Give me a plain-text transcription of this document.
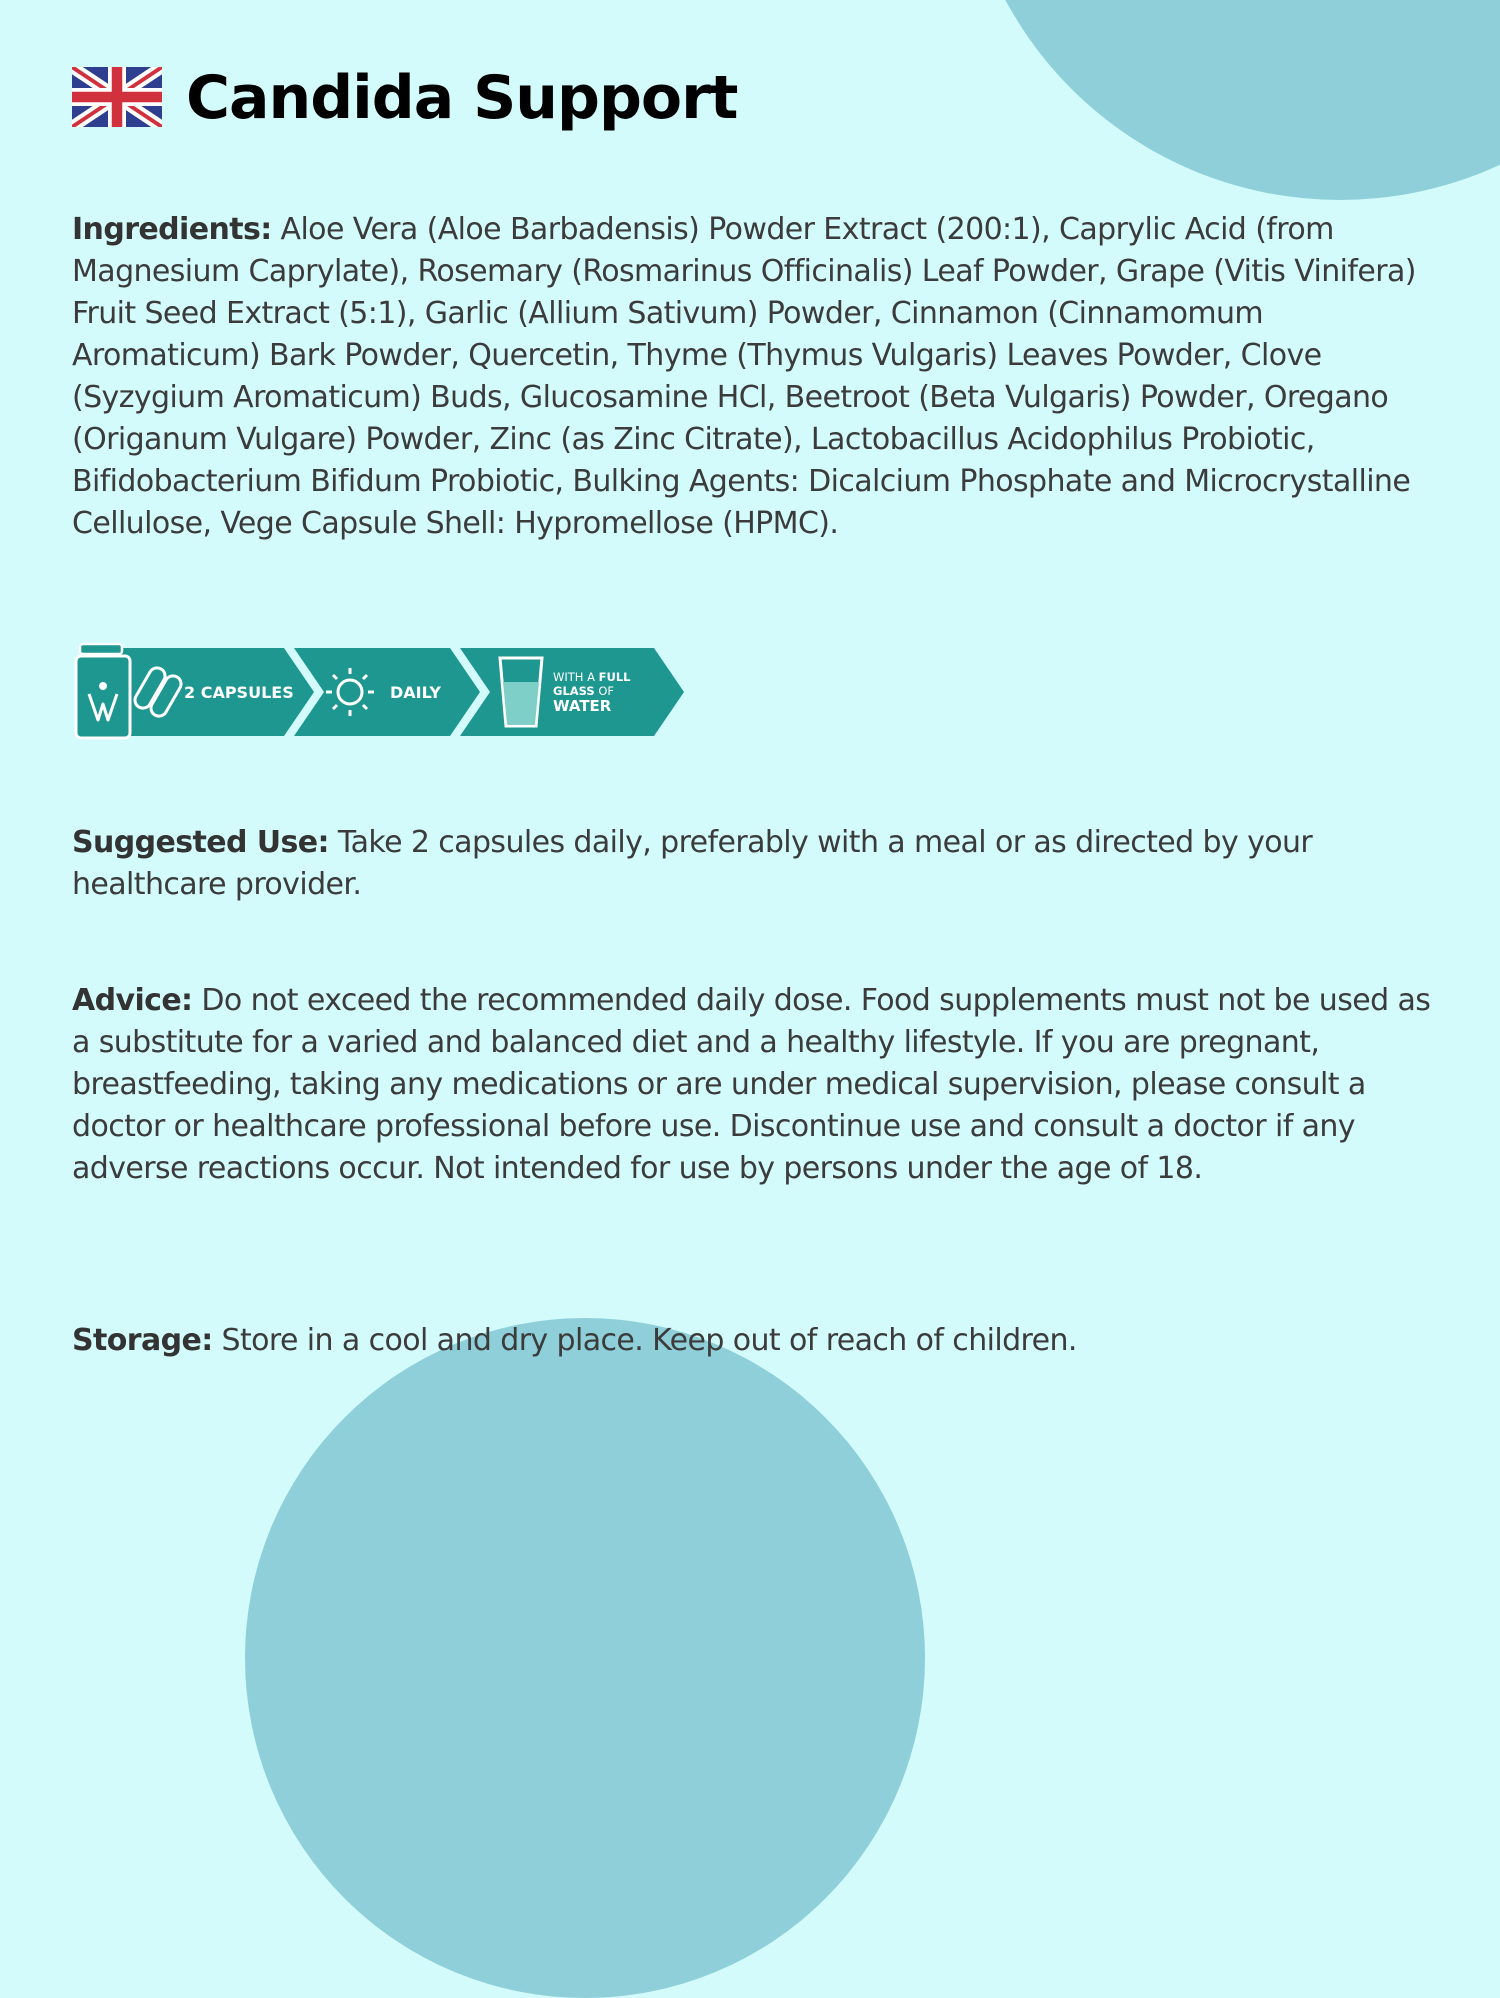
Candida Support

Ingredients: Aloe Vera (Aloe Barbadensis) Powder Extract (200:1), Caprylic Acid (from Magnesium Caprylate), Rosemary (Rosmarinus Officinalis) Leaf Powder, Grape (Vitis Vinifera) Fruit Seed Extract (5:1), Garlic (Allium Sativum) Powder, Cinnamon (Cinnamomum Aromaticum) Bark Powder, Quercetin, Thyme (Thymus Vulgaris) Leaves Powder, Clove (Syzygium Aromaticum) Buds, Glucosamine HCl, Beetroot (Beta Vulgaris) Powder, Oregano (Origanum Vulgare) Powder, Zinc (as Zinc Citrate), Lactobacillus Acidophilus Probiotic, Bifidobacterium Bifidum Probiotic, Bulking Agents: Dicalcium Phosphate and Microcrystalline Cellulose, Vege Capsule Shell: Hypromellose (HPMC).

2 CAPSULES	DAILY
WITH A FULL
GLASS OF
WATER

Suggested Use: Take 2 capsules daily, preferably with a meal or as directed by your healthcare provider.

Advice: Do not exceed the recommended daily dose. Food supplements must not be used as a substitute for a varied and balanced diet and a healthy lifestyle. If you are pregnant, breastfeeding, taking any medications or are under medical supervision, please consult a doctor or healthcare professional before use. Discontinue use and consult a doctor if any adverse reactions occur. Not intended for use by persons under the age of 18.

Storage: Store in a cool and dry place. Keep out of reach of children.
